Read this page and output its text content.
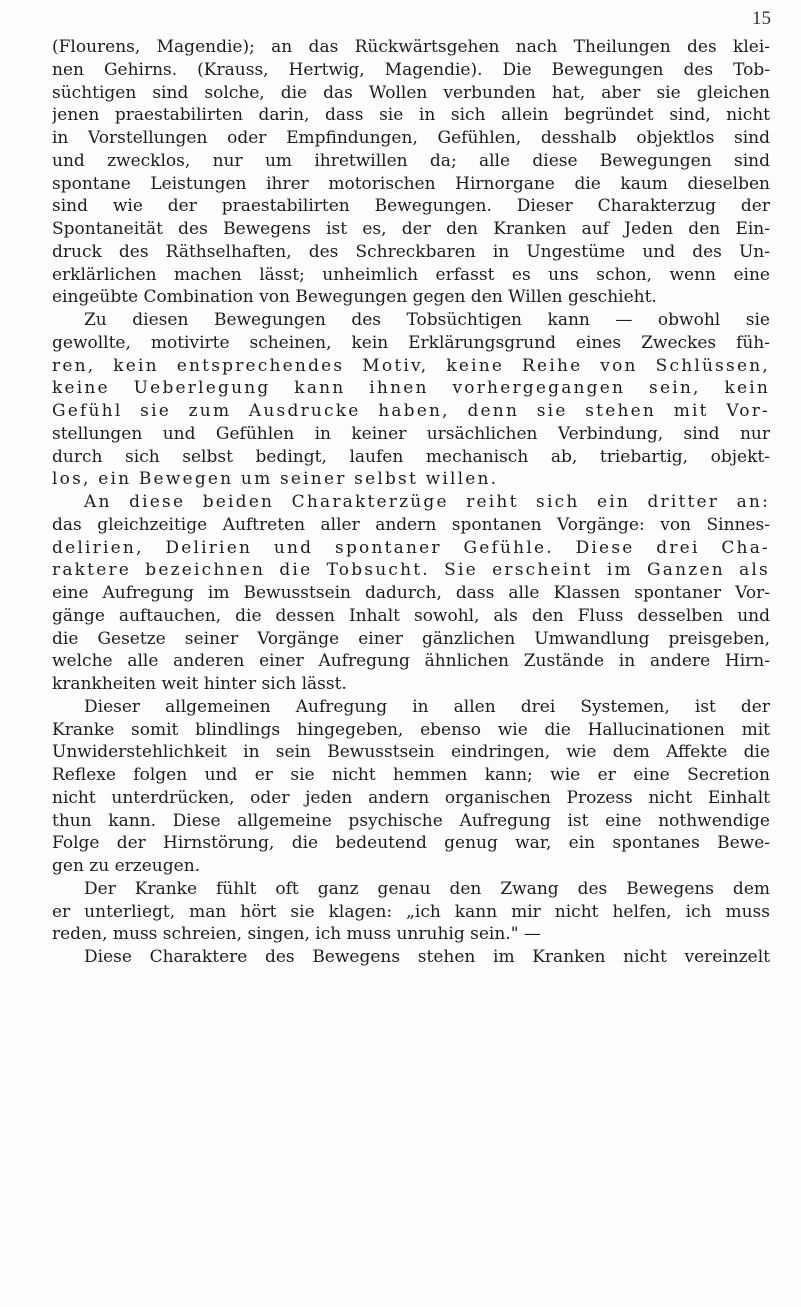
15
(Flourens, Magendie); an das Rückwärtsgehen nach Theilungen des klei-
nen Gehirns. (Krauss, Hertwig, Magendie). Die Bewegungen des Tob-
süchtigen sind solche, die das Wollen verbunden hat, aber sie gleichen
jenen praestabilirten darin, dass sie in sich allein begründet sind, nicht
in Vorstellungen oder Empfindungen, Gefühlen, desshalb objektlos sind
und zwecklos, nur um ihretwillen da; alle diese Bewegungen sind
spontane Leistungen ihrer motorischen Hirnorgane die kaum dieselben
sind wie der praestabilirten Bewegungen. Dieser Charakterzug der
Spontaneität des Bewegens ist es, der den Kranken auf Jeden den Ein-
druck des Räthselhaften, des Schreckbaren in Ungestüme und des Un-
erklärlichen machen lässt; unheimlich erfasst es uns schon, wenn eine
eingeübte Combination von Bewegungen gegen den Willen geschieht.
Zu diesen Bewegungen des Tobsüchtigen kann — obwohl sie
gewollte, motivirte scheinen, kein Erklärungsgrund eines Zweckes füh-
ren, kein entsprechendes Motiv, keine Reihe von Schlüssen,
keine Ueberlegung kann ihnen vorhergegangen sein, kein
Gefühl sie zum Ausdrucke haben, denn sie stehen mit Vor-
stellungen und Gefühlen in keiner ursächlichen Verbindung, sind nur
durch sich selbst bedingt, laufen mechanisch ab, triebartig, objekt-
los, ein Bewegen um seiner selbst willen.
An diese beiden Charakterzüge reiht sich ein dritter an:
das gleichzeitige Auftreten aller andern spontanen Vorgänge: von Sinnes-
delirien, Delirien und spontaner Gefühle. Diese drei Cha-
raktere bezeichnen die Tobsucht. Sie erscheint im Ganzen als
eine Aufregung im Bewusstsein dadurch, dass alle Klassen spontaner Vor-
gänge auftauchen, die dessen Inhalt sowohl, als den Fluss desselben und
die Gesetze seiner Vorgänge einer gänzlichen Umwandlung preisgeben,
welche alle anderen einer Aufregung ähnlichen Zustände in andere Hirn-
krankheiten weit hinter sich lässt.
Dieser allgemeinen Aufregung in allen drei Systemen, ist der
Kranke somit blindlings hingegeben, ebenso wie die Hallucinationen mit
Unwiderstehlichkeit in sein Bewusstsein eindringen, wie dem Affekte die
Reflexe folgen und er sie nicht hemmen kann; wie er eine Secretion
nicht unterdrücken, oder jeden andern organischen Prozess nicht Einhalt
thun kann. Diese allgemeine psychische Aufregung ist eine nothwendige
Folge der Hirnstörung, die bedeutend genug war, ein spontanes Bewe-
gen zu erzeugen.
Der Kranke fühlt oft ganz genau den Zwang des Bewegens dem
er unterliegt, man hört sie klagen: „ich kann mir nicht helfen, ich muss
reden, muss schreien, singen, ich muss unruhig sein." —
Diese Charaktere des Bewegens stehen im Kranken nicht vereinzelt
